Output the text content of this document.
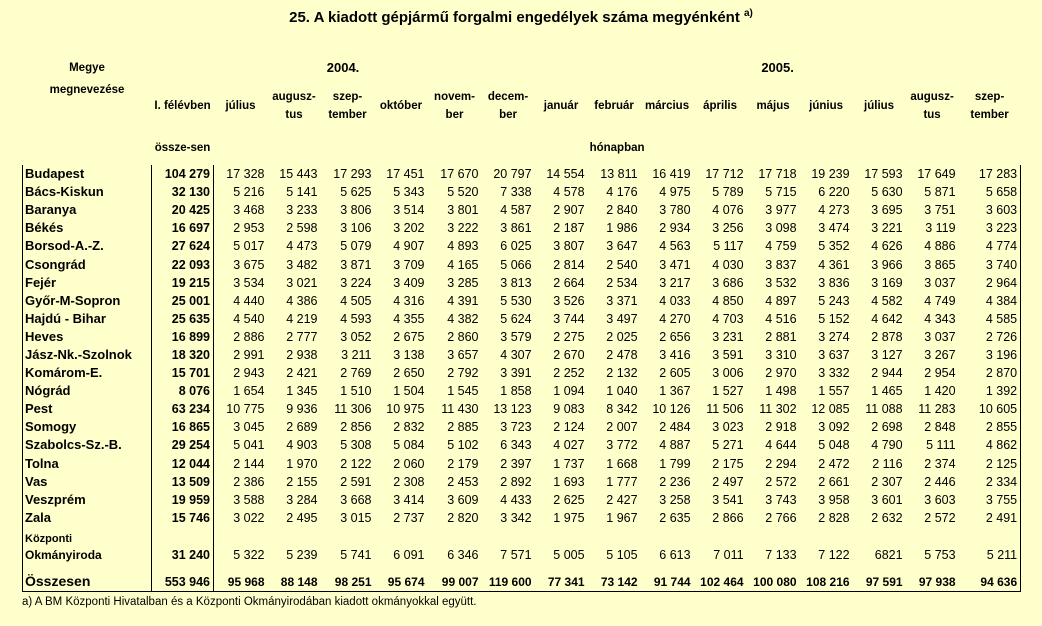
25. A kiadott gépjármű forgalmi engedélyek száma megyénként $^{a)}$
Megye
megnevezése	2004.							2005.								
	I. félévben	július	augusz-tus	szep-tember	október	novem-ber	decem-ber	január	február	március	április	május	június	július	augusz-tus	szep-tember
	össze-sen	hónapban														
Budapest	104 279	17 328	15 443	17 293	17 451	17 670	20 797	14 554	13 811	16 419	17 712	17 718	19 239	17 593	17 649	17 283
Bács-Kiskun	32 130	5 216	5 141	5 625	5 343	5 520	7 338	4 578	4 176	4 975	5 789	5 715	6 220	5 630	5 871	5 658
Baranya	20 425	3 468	3 233	3 806	3 514	3 801	4 587	2 907	2 840	3 780	4 076	3 977	4 273	3 695	3 751	3 603
Békés	16 697	2 953	2 598	3 106	3 202	3 222	3 861	2 187	1 986	2 934	3 256	3 098	3 474	3 221	3 119	3 223
Borsod-A.-Z.	27 624	5 017	4 473	5 079	4 907	4 893	6 025	3 807	3 647	4 563	5 117	4 759	5 352	4 626	4 886	4 774
Csongrád	22 093	3 675	3 482	3 871	3 709	4 165	5 066	2 814	2 540	3 471	4 030	3 837	4 361	3 966	3 865	3 740
Fejér	19 215	3 534	3 021	3 224	3 409	3 285	3 813	2 664	2 534	3 217	3 686	3 532	3 836	3 169	3 037	2 964
Győr-M-Sopron	25 001	4 440	4 386	4 505	4 316	4 391	5 530	3 526	3 371	4 033	4 850	4 897	5 243	4 582	4 749	4 384
Hajdú - Bihar	25 635	4 540	4 219	4 593	4 355	4 382	5 624	3 744	3 497	4 270	4 703	4 516	5 152	4 642	4 343	4 585
Heves	16 899	2 886	2 777	3 052	2 675	2 860	3 579	2 275	2 025	2 656	3 231	2 881	3 274	2 878	3 037	2 726
Jász-Nk.-Szolnok	18 320	2 991	2 938	3 211	3 138	3 657	4 307	2 670	2 478	3 416	3 591	3 310	3 637	3 127	3 267	3 196
Komárom-E.	15 701	2 943	2 421	2 769	2 650	2 792	3 391	2 252	2 132	2 605	3 006	2 970	3 332	2 944	2 954	2 870
Nógrád	8 076	1 654	1 345	1 510	1 504	1 545	1 858	1 094	1 040	1 367	1 527	1 498	1 557	1 465	1 420	1 392
Pest	63 234	10 775	9 936	11 306	10 975	11 430	13 123	9 083	8 342	10 126	11 506	11 302	12 085	11 088	11 283	10 605
Somogy	16 865	3 045	2 689	2 856	2 832	2 885	3 723	2 124	2 007	2 484	3 023	2 918	3 092	2 698	2 848	2 855
Szabolcs-Sz.-B.	29 254	5 041	4 903	5 308	5 084	5 102	6 343	4 027	3 772	4 887	5 271	4 644	5 048	4 790	5 111	4 862
Tolna	12 044	2 144	1 970	2 122	2 060	2 179	2 397	1 737	1 668	1 799	2 175	2 294	2 472	2 116	2 374	2 125
Vas	13 509	2 386	2 155	2 591	2 308	2 453	2 892	1 693	1 777	2 236	2 497	2 572	2 661	2 307	2 446	2 334
Veszprém	19 959	3 588	3 284	3 668	3 414	3 609	4 433	2 625	2 427	3 258	3 541	3 743	3 958	3 601	3 603	3 755
Zala	15 746	3 022	2 495	3 015	2 737	2 820	3 342	1 975	1 967	2 635	2 866	2 766	2 828	2 632	2 572	2 491

Központi
Okmányiroda	31 240	5 322	5 239	5 741	6 091	6 346	7 571	5 005	5 105	6 613	7 011	7 133	7 122	6821	5 753	5 211
Összesen	553 946	95 968	88 148	98 251	95 674	99 007	119 600	77 341	73 142	91 744	102 464	100 080	108 216	97 591	97 938	94 636
a) A BM Központi Hivatalban és a Központi Okmányirodában kiadott okmányokkal együtt.
